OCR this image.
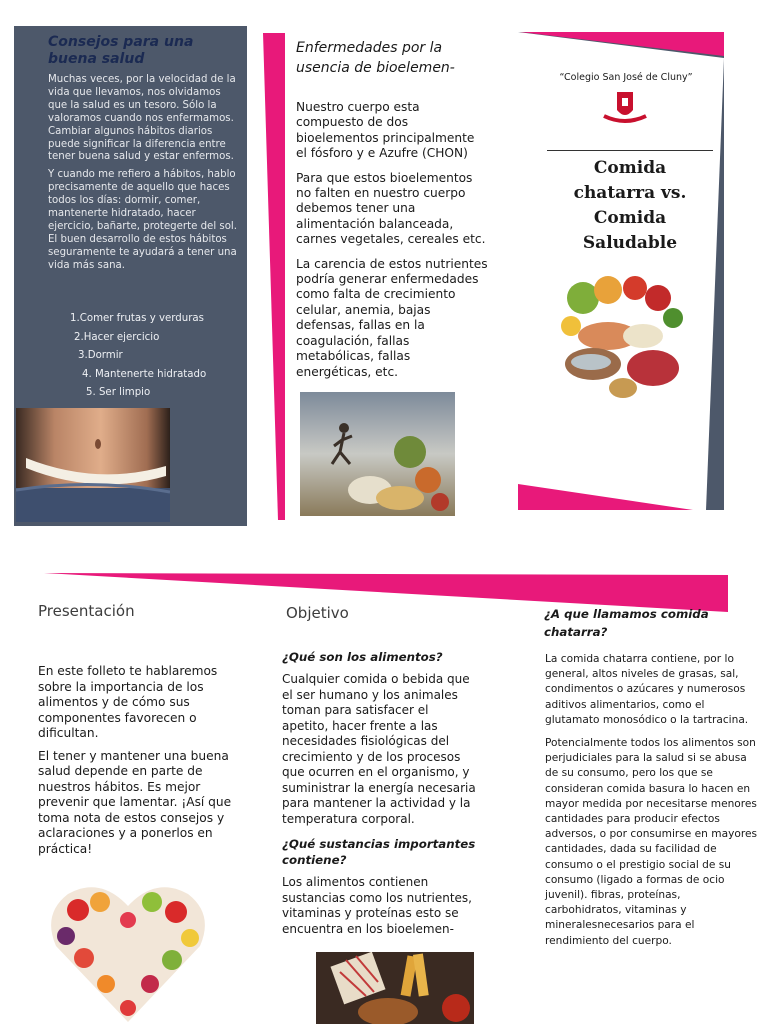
Consejos para una buena salud

Muchas veces, por la velocidad de la vida que llevamos, nos olvidamos que la salud es un tesoro. Sólo la valoramos cuando nos enfermamos. Cambiar algunos hábitos diarios puede significar la diferencia entre tener buena salud y estar enfermos.

Y cuando me refiero a hábitos, hablo precisamente de aquello que haces todos los días: dormir, comer, mantenerte hidratado, hacer ejercicio, bañarte, protegerte del sol. El buen desarrollo de estos hábitos seguramente te ayudará a tener una vida más sana.

1.Comer frutas y verduras
2.Hacer ejercicio
3.Dormir
4. Mantenerte hidratado
5. Ser limpio
Enfermedades por la usencia de bioelemen-

Nuestro cuerpo esta compuesto de dos bioelementos principalmente el fósforo y e Azufre (CHON)

Para que estos bioelementos no falten en nuestro cuerpo debemos tener una alimentación balanceada, carnes vegetales, cereales etc.

La carencia de estos nutrientes podría generar enfermedades como falta de crecimiento celular, anemia, bajas defensas, fallas en la coagulación, fallas metabólicas, fallas energéticas, etc.

“Colegio San José de Cluny”
Comida
chatarra vs.
Comida
Saludable
Presentación

En este folleto te hablaremos sobre la importancia de los alimentos y de cómo sus componentes favorecen o dificultan.

El tener y mantener una buena salud depende en parte de nuestros hábitos. Es mejor prevenir que lamentar. ¡Así que toma nota de estos consejos y aclaraciones y a ponerlos en práctica!

Objetivo
¿Qué son los alimentos?
Cualquier comida o bebida que el ser humano y los animales toman para satisfacer el apetito, hacer frente a las necesidades fisiológicas del crecimiento y de los procesos que ocurren en el organismo, y suministrar la energía necesaria para mantener la actividad y la temperatura corporal.
¿Qué sustancias importantes contiene?
Los alimentos contienen sustancias como los nutrientes, vitaminas y proteínas esto se encuentra en los bioelemen-
¿A que llamamos comida chatarra?

La comida chatarra contiene, por lo general, altos niveles de grasas, sal, condimentos o azúcares y numerosos aditivos alimentarios, como el glutamato monosódico o la tartracina.

Potencialmente todos los alimentos son perjudiciales para la salud si se abusa de su consumo, pero los que se consideran comida basura lo hacen en mayor medida por necesitarse menores cantidades para producir efectos adversos, o por consumirse en mayores cantidades, dada su facilidad de consumo o el prestigio social de su consumo (ligado a formas de ocio juvenil). fibras, proteínas, carbohidratos, vitaminas y mineralesnecesarios para el rendimiento del cuerpo.
